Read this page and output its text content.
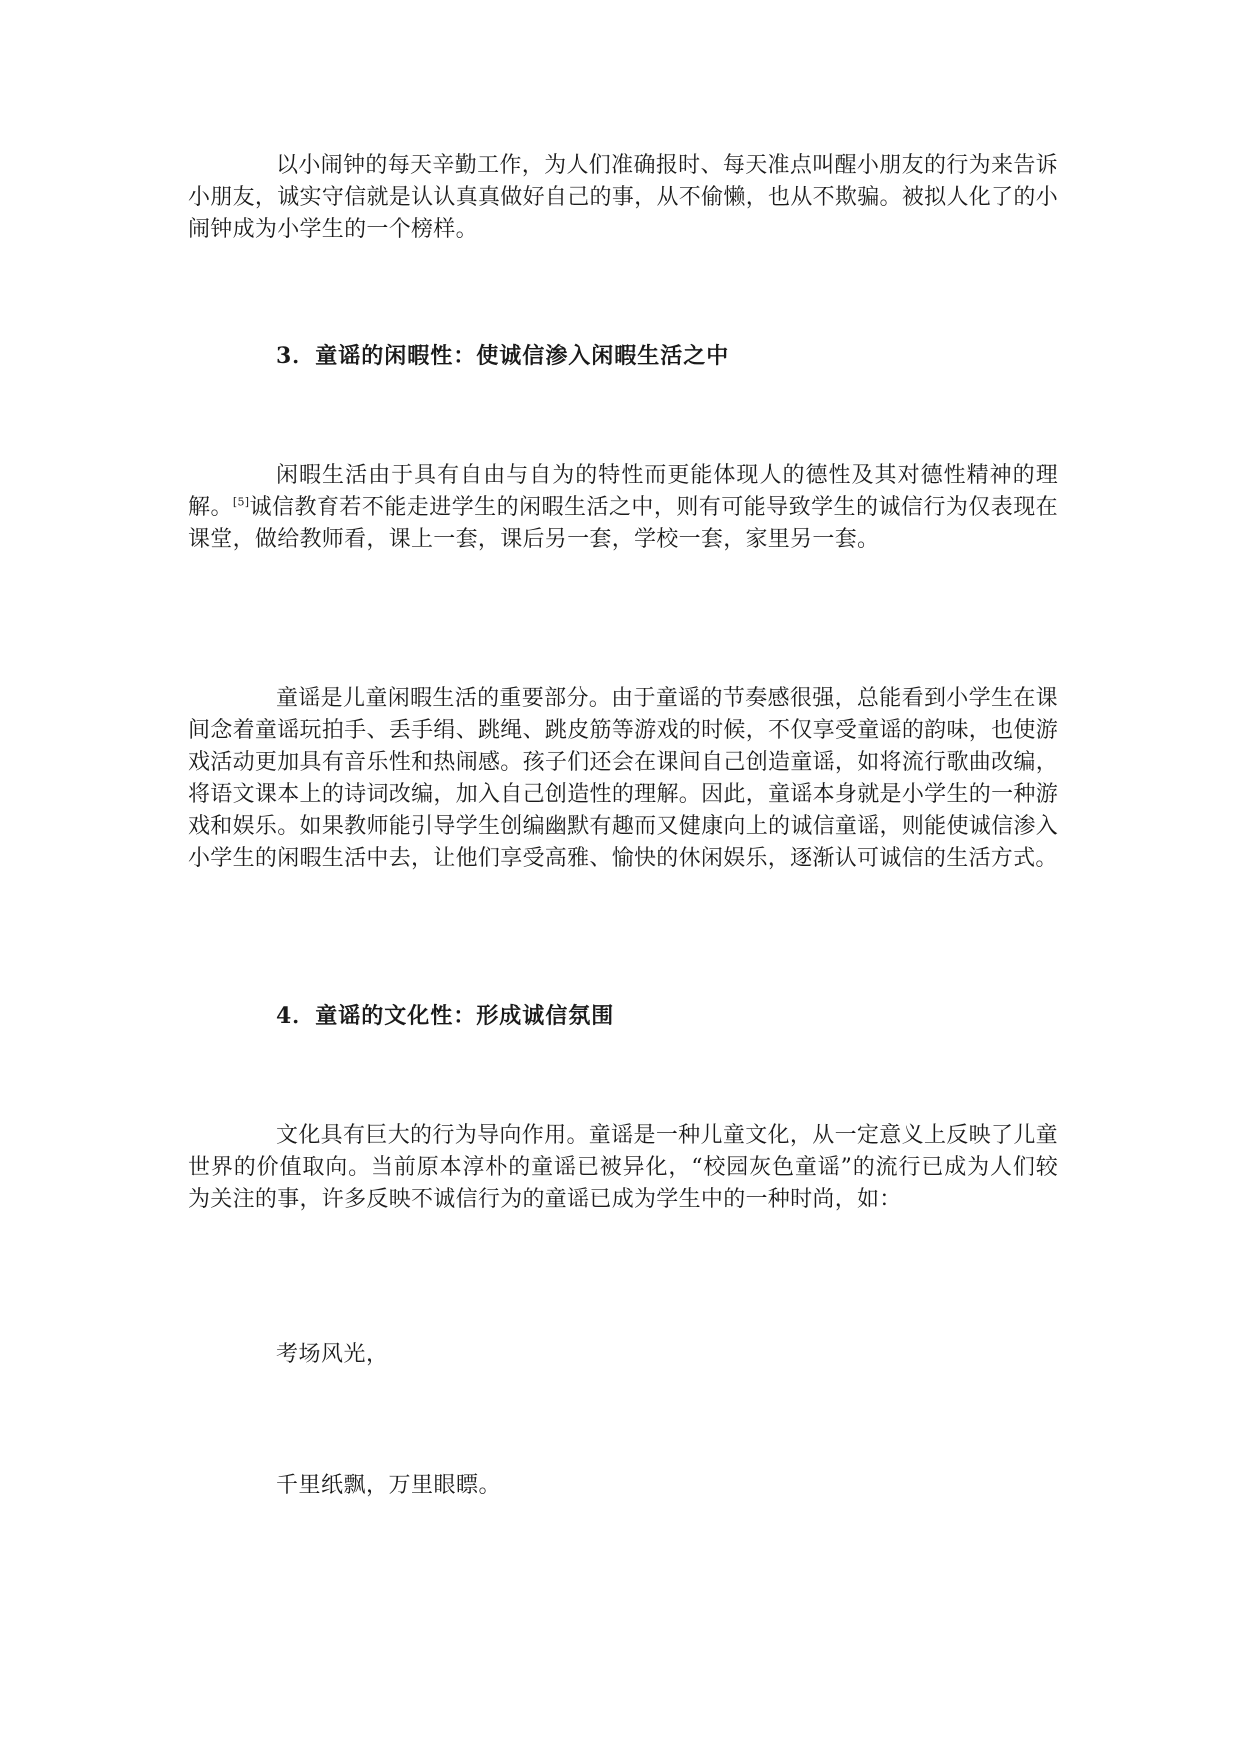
以小闹钟的每天辛勤工作，为人们准确报时、每天准点叫醒小朋友的行为来告诉小朋友，诚实守信就是认认真真做好自己的事，从不偷懒，也从不欺骗。被拟人化了的小闹钟成为小学生的一个榜样。

3．童谣的闲暇性：使诚信渗入闲暇生活之中

闲暇生活由于具有自由与自为的特性而更能体现人的德性及其对德性精神的理解。[5]诚信教育若不能走进学生的闲暇生活之中，则有可能导致学生的诚信行为仅表现在课堂，做给教师看，课上一套，课后另一套，学校一套，家里另一套。

童谣是儿童闲暇生活的重要部分。由于童谣的节奏感很强，总能看到小学生在课间念着童谣玩拍手、丢手绢、跳绳、跳皮筋等游戏的时候，不仅享受童谣的韵味，也使游戏活动更加具有音乐性和热闹感。孩子们还会在课间自己创造童谣，如将流行歌曲改编，将语文课本上的诗词改编，加入自己创造性的理解。因此，童谣本身就是小学生的一种游戏和娱乐。如果教师能引导学生创编幽默有趣而又健康向上的诚信童谣，则能使诚信渗入小学生的闲暇生活中去，让他们享受高雅、愉快的休闲娱乐，逐渐认可诚信的生活方式。

4．童谣的文化性：形成诚信氛围

文化具有巨大的行为导向作用。童谣是一种儿童文化，从一定意义上反映了儿童世界的价值取向。当前原本淳朴的童谣已被异化，“校园灰色童谣”的流行已成为人们较为关注的事，许多反映不诚信行为的童谣已成为学生中的一种时尚，如：

考场风光，

千里纸飘，万里眼瞟。
